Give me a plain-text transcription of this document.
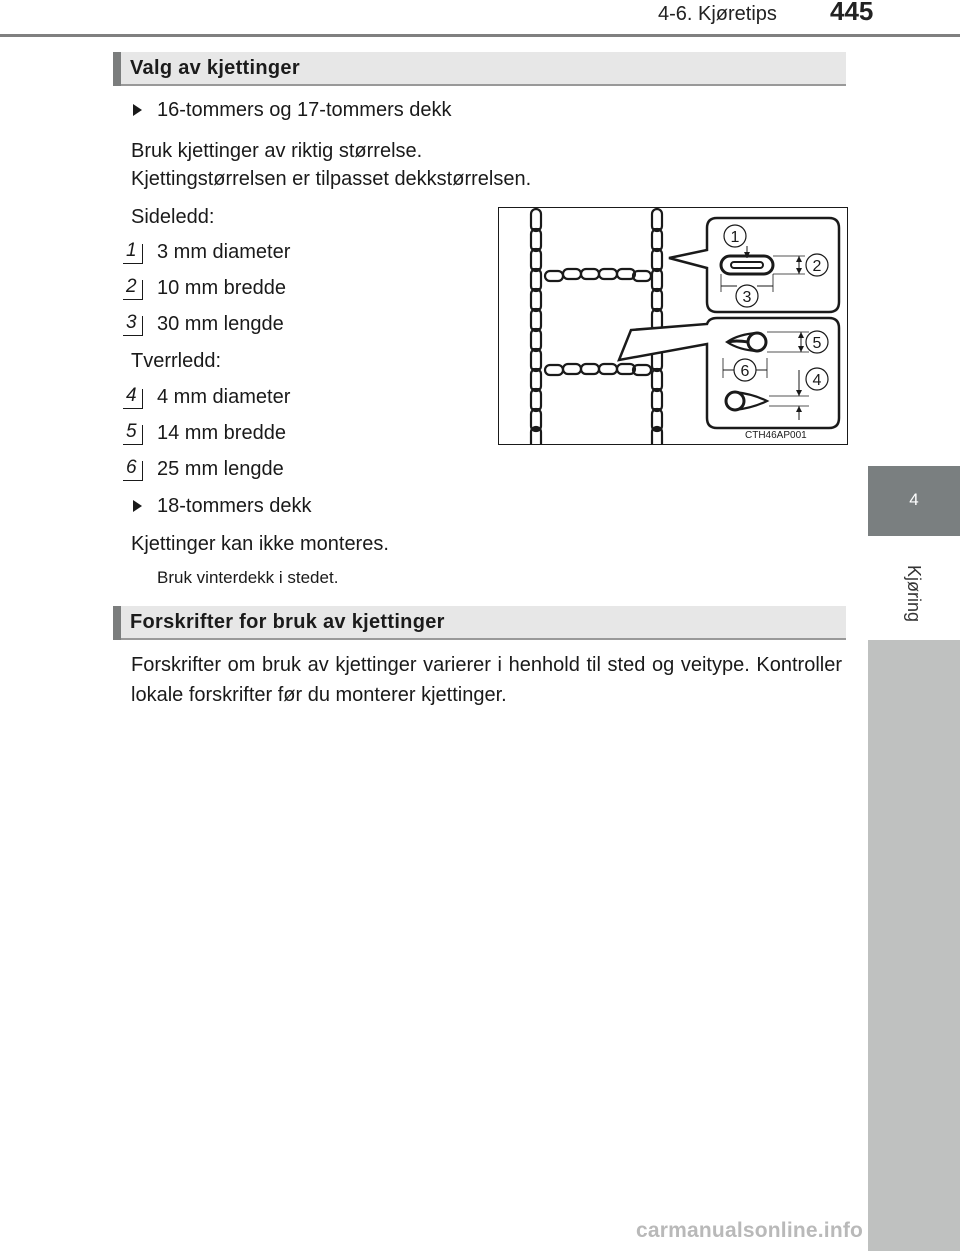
4-6. Kjøretips 445
4
Kjøring
Valg av kjettinger
16-tommers og 17-tommers dekk
Bruk kjettinger av riktig størrelse.
Kjettingstørrelsen er tilpasset dekkstørrelsen.
Sideledd:
1 3 mm diameter
2 10 mm bredde
3 30 mm lengde
Tverrledd:
4 4 mm diameter
5 14 mm bredde
6 25 mm lengde
18-tommers dekk
Kjettinger kan ikke monteres.
Bruk vinterdekk i stedet.
1
2
3
5
4
6
CTH46AP001
Forskrifter for bruk av kjettinger
Forskrifter om bruk av kjettinger varierer i henhold til sted og veitype. Kontroller lokale forskrifter før du monterer kjettinger.
carmanualsonline.info
